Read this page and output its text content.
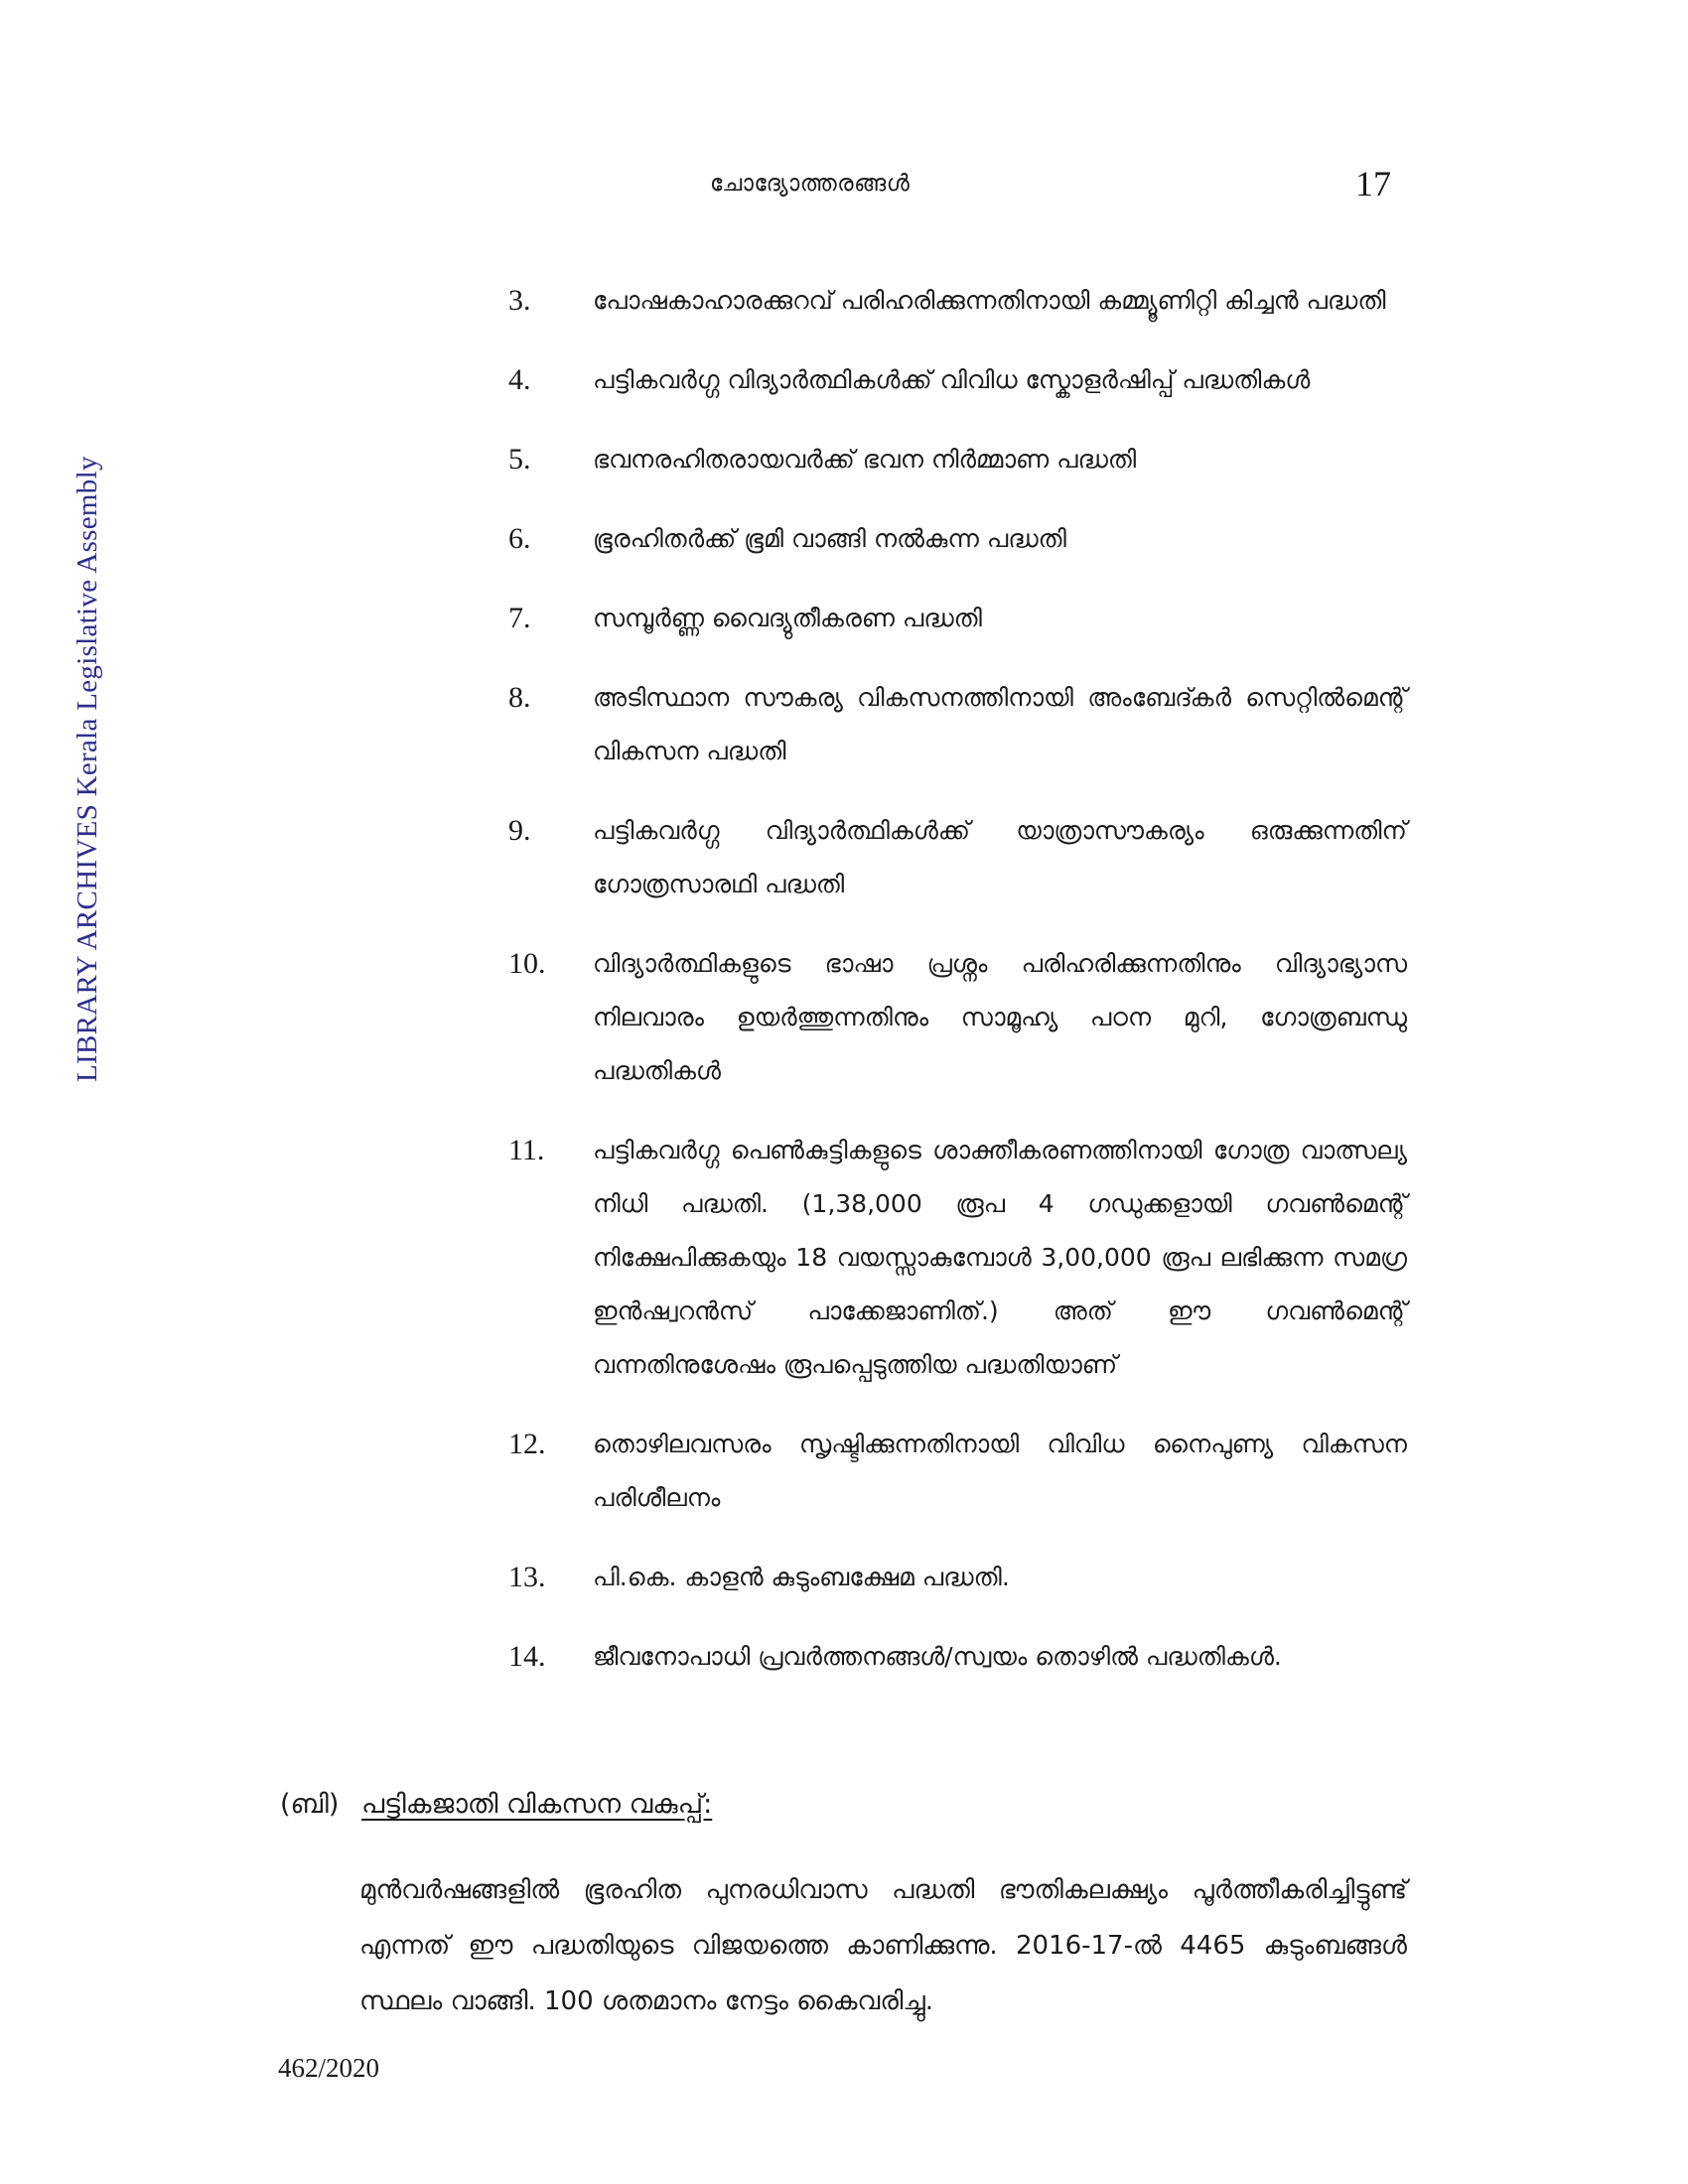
ചോദ്യോത്തരങ്ങൾ	17
LIBRARY ARCHIVES Kerala Legislative Assembly
3.	പോഷകാഹാരക്കുറവ് പരിഹരിക്കുന്നതിനായി കമ്മ്യൂണിറ്റി കിച്ചൻ പദ്ധതി
4.	പട്ടികവർഗ്ഗ വിദ്യാർത്ഥികൾക്ക് വിവിധ സ്കോളർഷിപ്പ് പദ്ധതികൾ
5.	ഭവനരഹിതരായവർക്ക് ഭവന നിർമ്മാണ പദ്ധതി
6.	ഭൂരഹിതർക്ക് ഭൂമി വാങ്ങി നൽകുന്ന പദ്ധതി
7.	സമ്പൂർണ്ണ വൈദ്യുതീകരണ പദ്ധതി
8.	അടിസ്ഥാന സൗകര്യ വികസനത്തിനായി അംബേദ്കർ സെറ്റിൽമെന്റ് വികസന പദ്ധതി
9.	പട്ടികവർഗ്ഗ വിദ്യാർത്ഥികൾക്ക് യാത്രാസൗകര്യം ഒരുക്കുന്നതിന് ഗോത്രസാരഥി പദ്ധതി
10.	വിദ്യാർത്ഥികളുടെ ഭാഷാ പ്രശ്നം പരിഹരിക്കുന്നതിനും വിദ്യാഭ്യാസ നിലവാരം ഉയർത്തുന്നതിനും സാമൂഹ്യ പഠന മുറി, ഗോത്രബന്ധു പദ്ധതികൾ
11.	പട്ടികവർഗ്ഗ പെൺകുട്ടികളുടെ ശാക്തീകരണത്തിനായി ഗോത്ര വാത്സല്യ നിധി പദ്ധതി. (1,38,000 രൂപ 4 ഗഡുക്കളായി ഗവൺമെന്റ് നിക്ഷേപിക്കുകയും 18 വയസ്സാകുമ്പോൾ 3,00,000 രൂപ ലഭിക്കുന്ന സമഗ്ര ഇൻഷ്വറൻസ് പാക്കേജാണിത്.) അത് ഈ ഗവൺമെന്റ് വന്നതിനുശേഷം രൂപപ്പെടുത്തിയ പദ്ധതിയാണ്
12.	തൊഴിലവസരം സൃഷ്ടിക്കുന്നതിനായി വിവിധ നൈപുണ്യ വികസന പരിശീലനം
13.	പി.കെ. കാളൻ കുടുംബക്ഷേമ പദ്ധതി.
14.	ജീവനോപാധി പ്രവർത്തനങ്ങൾ/സ്വയം തൊഴിൽ പദ്ധതികൾ.
(ബി) പട്ടികജാതി വികസന വകുപ്പ്:

മുൻവർഷങ്ങളിൽ ഭൂരഹിത പുനരധിവാസ പദ്ധതി ഭൗതികലക്ഷ്യം പൂർത്തീകരിച്ചിട്ടുണ്ട് എന്നത് ഈ പദ്ധതിയുടെ വിജയത്തെ കാണിക്കുന്നു. 2016-17-ൽ 4465 കുടുംബങ്ങൾ സ്ഥലം വാങ്ങി. 100 ശതമാനം നേട്ടം കൈവരിച്ചു.

462/2020
